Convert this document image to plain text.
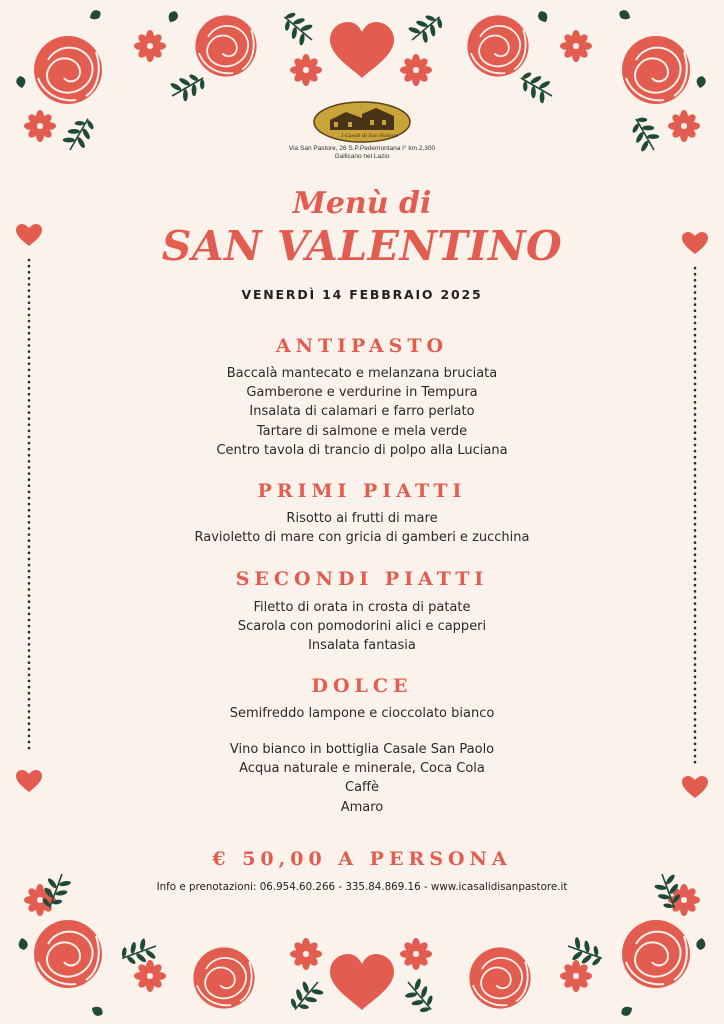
I Casali di San Pastore
Via San Pastore, 26 S.P.Pedemontana I° km.2,300
Gallicano nel Lazio
Menù di
SAN VALENTINO
VENERDÌ 14 FEBBRAIO 2025
ANTIPASTO
Baccalà mantecato e melanzana bruciata
Gamberone e verdurine in Tempura
Insalata di calamari e farro perlato
Tartare di salmone e mela verde
Centro tavola di trancio di polpo alla Luciana
PRIMI PIATTI
Risotto ai frutti di mare
Ravioletto di mare con gricia di gamberi e zucchina
SECONDI PIATTI
Filetto di orata in crosta di patate
Scarola con pomodorini alici e capperi
Insalata fantasia
DOLCE
Semifreddo lampone e cioccolato bianco
Vino bianco in bottiglia Casale San Paolo
Acqua naturale e minerale, Coca Cola
Caffè
Amaro
€ 50,00 A PERSONA
Info e prenotazioni: 06.954.60.266 - 335.84.869.16 - www.icasalidisanpastore.it
